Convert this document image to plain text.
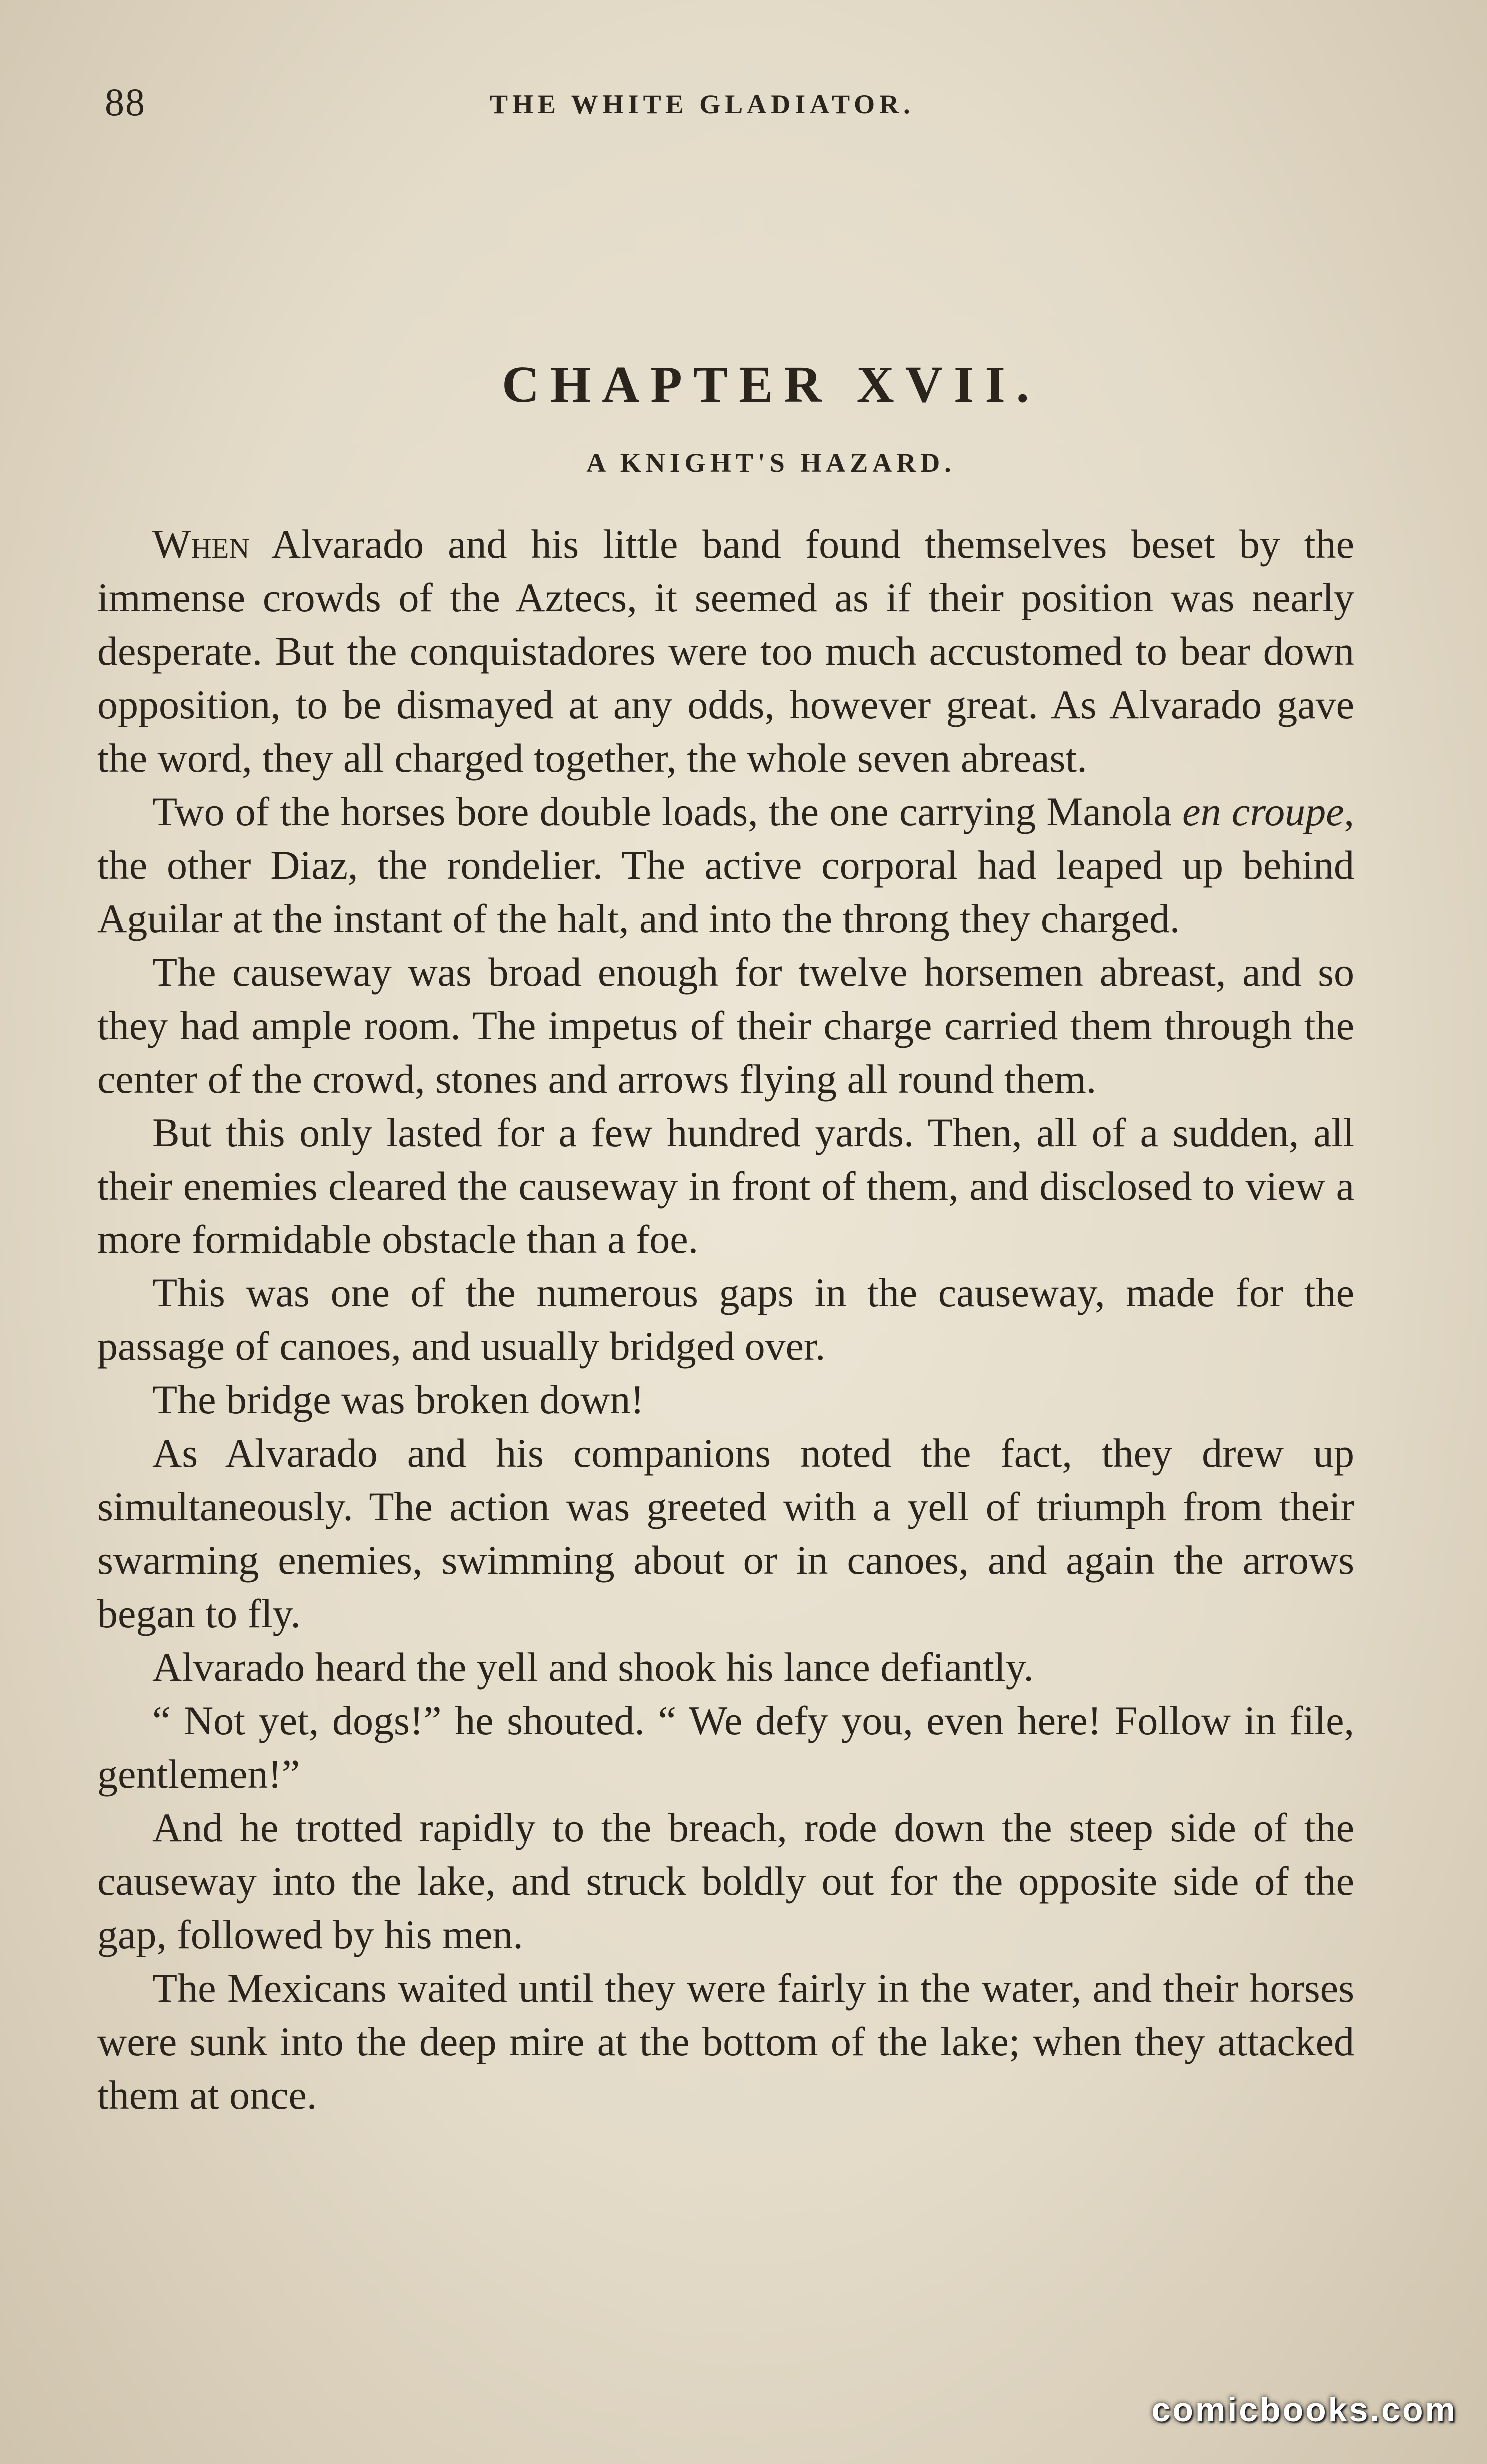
88	THE WHITE GLADIATOR.
CHAPTER XVII.
A KNIGHT'S HAZARD.

When Alvarado and his little band found themselves beset by the immense crowds of the Aztecs, it seemed as if their position was nearly desperate. But the conquistadores were too much accustomed to bear down opposition, to be dismayed at any odds, however great. As Alvarado gave the word, they all charged together, the whole seven abreast.

Two of the horses bore double loads, the one carrying Manola en croupe, the other Diaz, the rondelier. The active corporal had leaped up behind Aguilar at the instant of the halt, and into the throng they charged.

The causeway was broad enough for twelve horsemen abreast, and so they had ample room. The impetus of their charge carried them through the center of the crowd, stones and arrows flying all round them.

But this only lasted for a few hundred yards. Then, all of a sudden, all their enemies cleared the causeway in front of them, and disclosed to view a more formidable obstacle than a foe.

This was one of the numerous gaps in the causeway, made for the passage of canoes, and usually bridged over.

The bridge was broken down!

As Alvarado and his companions noted the fact, they drew up simultaneously. The action was greeted with a yell of triumph from their swarming enemies, swimming about or in canoes, and again the arrows began to fly.

Alvarado heard the yell and shook his lance defiantly.

“ Not yet, dogs!” he shouted. “ We defy you, even here! Follow in file, gentlemen!”

And he trotted rapidly to the breach, rode down the steep side of the causeway into the lake, and struck boldly out for the opposite side of the gap, followed by his men.

The Mexicans waited until they were fairly in the water, and their horses were sunk into the deep mire at the bottom of the lake; when they attacked them at once.

comicbooks.com
